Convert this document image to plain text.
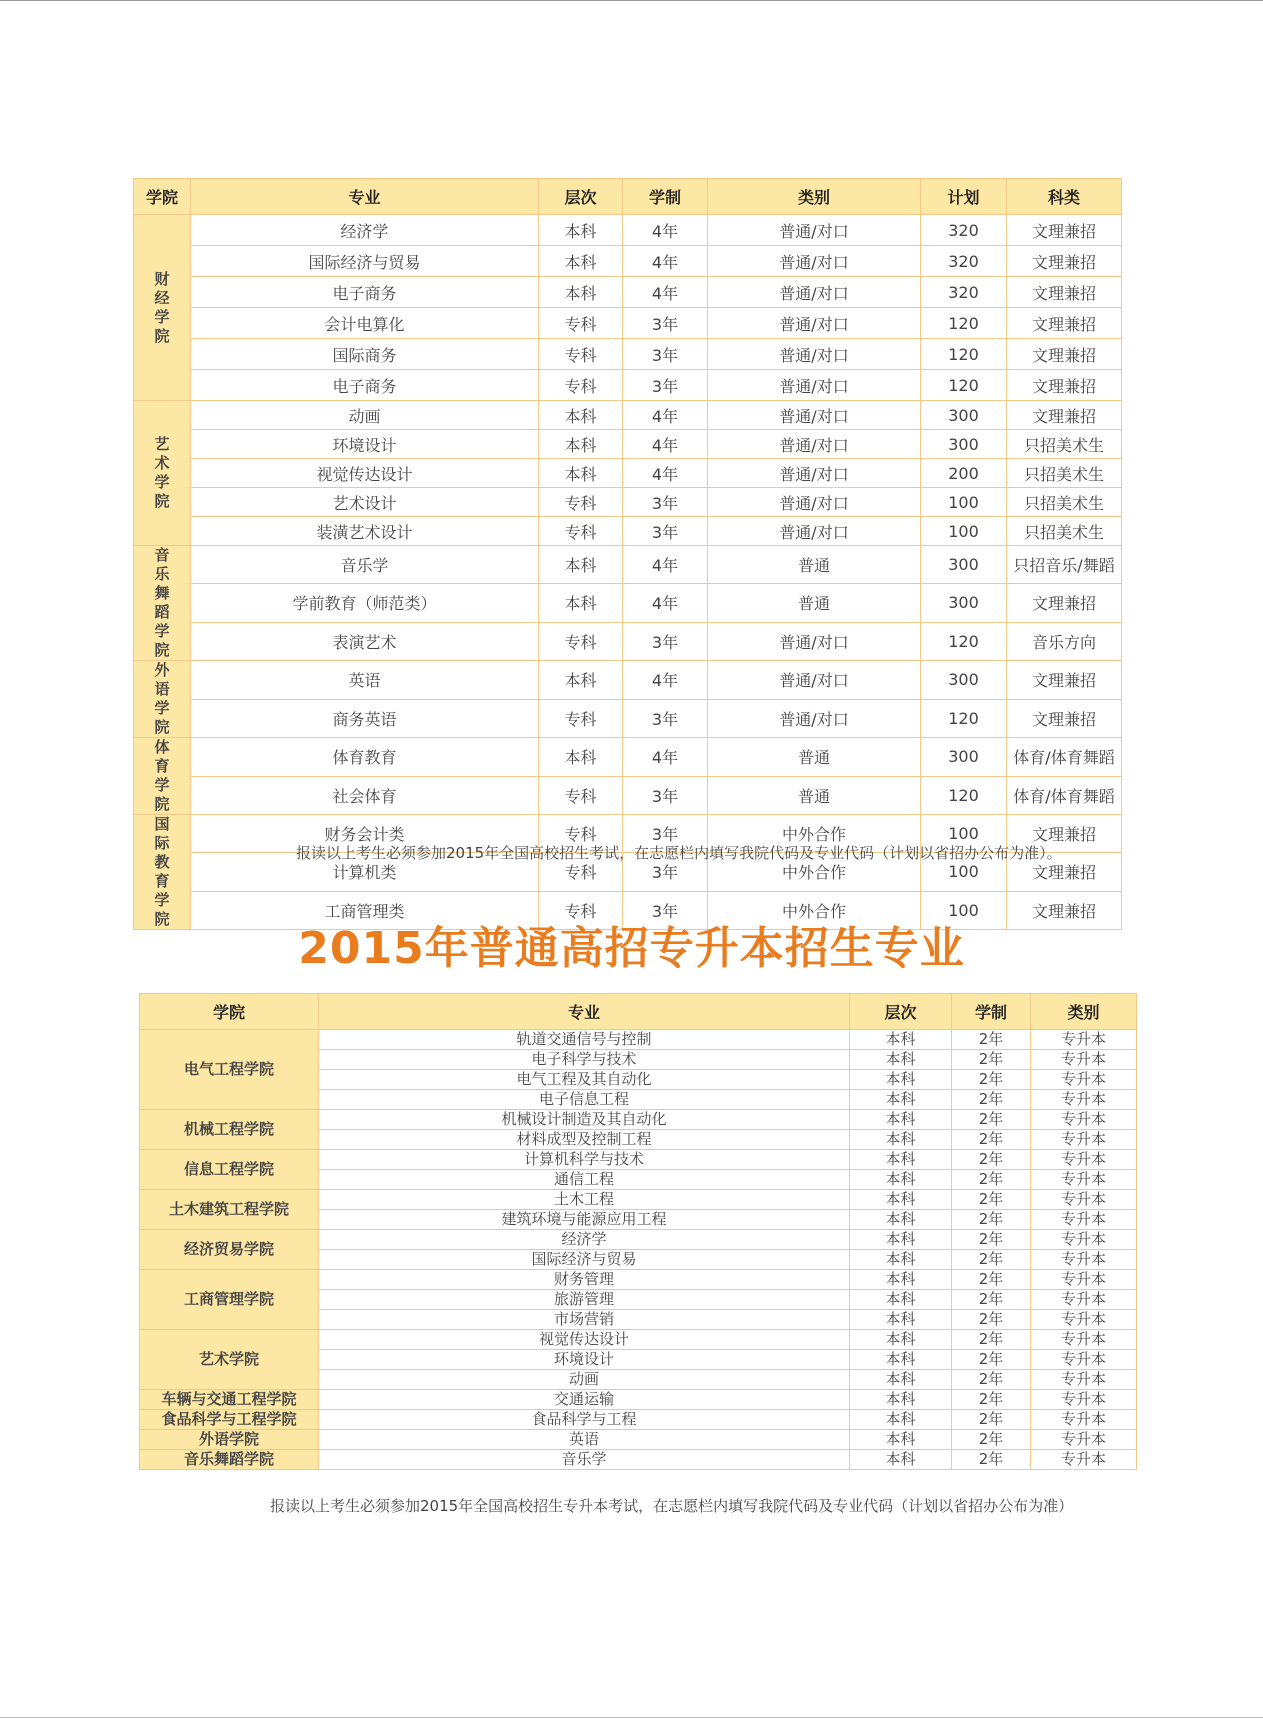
学院	专业	层次	学制	类别	计划	科类
财经学院	经济学	本科	4年	普通/对口	320	文理兼招
	国际经济与贸易	本科	4年	普通/对口	320	文理兼招
	电子商务	本科	4年	普通/对口	320	文理兼招
	会计电算化	专科	3年	普通/对口	120	文理兼招
	国际商务	专科	3年	普通/对口	120	文理兼招
	电子商务	专科	3年	普通/对口	120	文理兼招
艺术学院	动画	本科	4年	普通/对口	300	文理兼招
	环境设计	本科	4年	普通/对口	300	只招美术生
	视觉传达设计	本科	4年	普通/对口	200	只招美术生
	艺术设计	专科	3年	普通/对口	100	只招美术生
	装潢艺术设计	专科	3年	普通/对口	100	只招美术生
音乐舞蹈学院	音乐学	本科	4年	普通	300	只招音乐/舞蹈
	学前教育（师范类）	本科	4年	普通	300	文理兼招
	表演艺术	专科	3年	普通/对口	120	音乐方向
外语学院	英语	本科	4年	普通/对口	300	文理兼招
	商务英语	专科	3年	普通/对口	120	文理兼招
体育学院	体育教育	本科	4年	普通	300	体育/体育舞蹈
	社会体育	专科	3年	普通	120	体育/体育舞蹈
国际教育学院	财务会计类	专科	3年	中外合作	100	文理兼招
	计算机类	专科	3年	中外合作	100	文理兼招
	工商管理类	专科	3年	中外合作	100	文理兼招
报读以上考生必须参加2015年全国高校招生考试，在志愿栏内填写我院代码及专业代码（计划以省招办公布为准）。
2015年普通高招专升本招生专业
学院	专业	层次	学制	类别
电气工程学院	轨道交通信号与控制	本科	2年	专升本
	电子科学与技术	本科	2年	专升本
	电气工程及其自动化	本科	2年	专升本
	电子信息工程	本科	2年	专升本
机械工程学院	机械设计制造及其自动化	本科	2年	专升本
	材料成型及控制工程	本科	2年	专升本
信息工程学院	计算机科学与技术	本科	2年	专升本
	通信工程	本科	2年	专升本
土木建筑工程学院	土木工程	本科	2年	专升本
	建筑环境与能源应用工程	本科	2年	专升本
经济贸易学院	经济学	本科	2年	专升本
	国际经济与贸易	本科	2年	专升本
工商管理学院	财务管理	本科	2年	专升本
	旅游管理	本科	2年	专升本
	市场营销	本科	2年	专升本
艺术学院	视觉传达设计	本科	2年	专升本
	环境设计	本科	2年	专升本
	动画	本科	2年	专升本
车辆与交通工程学院	交通运输	本科	2年	专升本
食品科学与工程学院	食品科学与工程	本科	2年	专升本
外语学院	英语	本科	2年	专升本
音乐舞蹈学院	音乐学	本科	2年	专升本
报读以上考生必须参加2015年全国高校招生专升本考试，在志愿栏内填写我院代码及专业代码（计划以省招办公布为准）
